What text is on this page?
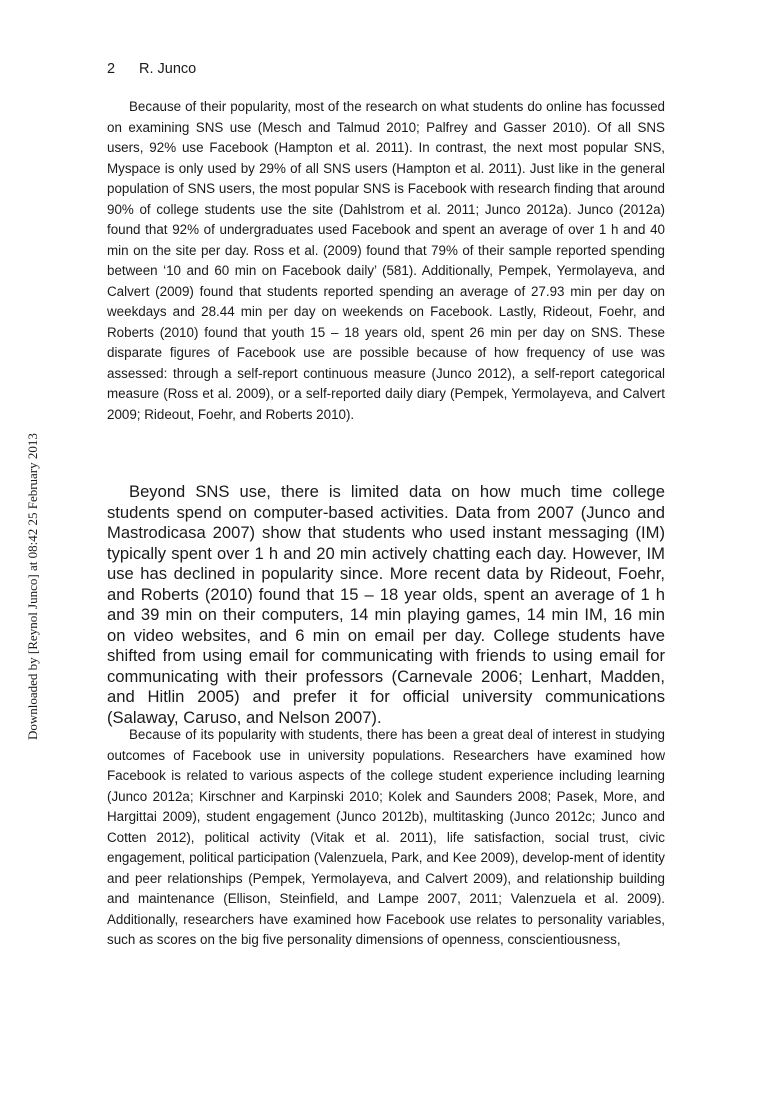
2 R. Junco
Downloaded by [Reynol Junco] at 08:42 25 February 2013

Because of their popularity, most of the research on what students do online has focussed on examining SNS use (Mesch and Talmud 2010; Palfrey and Gasser 2010). Of all SNS users, 92% use Facebook (Hampton et al. 2011). In contrast, the next most popular SNS, Myspace is only used by 29% of all SNS users (Hampton et al. 2011). Just like in the general population of SNS users, the most popular SNS is Facebook with research finding that around 90% of college students use the site (Dahlstrom et al. 2011; Junco 2012a). Junco (2012a) found that 92% of undergraduates used Facebook and spent an average of over 1 h and 40 min on the site per day. Ross et al. (2009) found that 79% of their sample reported spending between ‘10 and 60 min on Facebook daily’ (581). Additionally, Pempek, Yermolayeva, and Calvert (2009) found that students reported spending an average of 27.93 min per day on weekdays and 28.44 min per day on weekends on Facebook. Lastly, Rideout, Foehr, and Roberts (2010) found that youth 15 – 18 years old, spent 26 min per day on SNS. These disparate figures of Facebook use are possible because of how frequency of use was assessed: through a self-report continuous measure (Junco 2012), a self-report categorical measure (Ross et al. 2009), or a self-reported daily diary (Pempek, Yermolayeva, and Calvert 2009; Rideout, Foehr, and Roberts 2010).

Beyond SNS use, there is limited data on how much time college students spend on computer-based activities. Data from 2007 (Junco and Mastrodicasa 2007) show that students who used instant messaging (IM) typically spent over 1 h and 20 min actively chatting each day. However, IM use has declined in popularity since. More recent data by Rideout, Foehr, and Roberts (2010) found that 15 – 18 year olds, spent an average of 1 h and 39 min on their computers, 14 min playing games, 14 min IM, 16 min on video websites, and 6 min on email per day. College students have shifted from using email for communicating with friends to using email for communicating with their professors (Carnevale 2006; Lenhart, Madden, and Hitlin 2005) and prefer it for official university communications (Salaway, Caruso, and Nelson 2007).

Because of its popularity with students, there has been a great deal of interest in studying outcomes of Facebook use in university populations. Researchers have examined how Facebook is related to various aspects of the college student experience including learning (Junco 2012a; Kirschner and Karpinski 2010; Kolek and Saunders 2008; Pasek, More, and Hargittai 2009), student engagement (Junco 2012b), multitasking (Junco 2012c; Junco and Cotten 2012), political activity (Vitak et al. 2011), life satisfaction, social trust, civic engagement, political participation (Valenzuela, Park, and Kee 2009), develop-ment of identity and peer relationships (Pempek, Yermolayeva, and Calvert 2009), and relationship building and maintenance (Ellison, Steinfield, and Lampe 2007, 2011; Valenzuela et al. 2009). Additionally, researchers have examined how Facebook use relates to personality variables, such as scores on the big five personality dimensions of openness, conscientiousness,
